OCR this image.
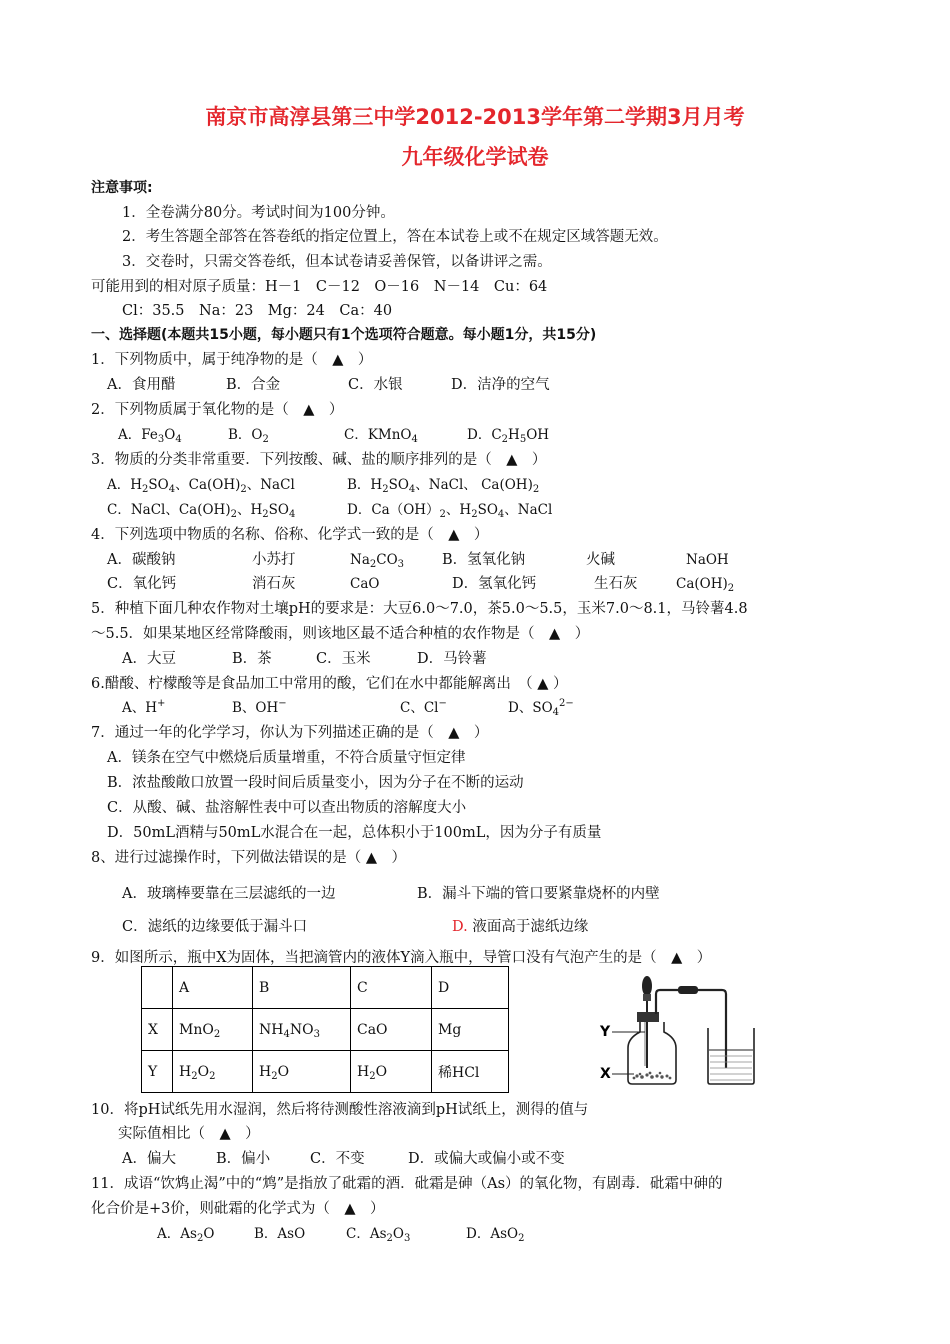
南京市高淳县第三中学2012-2013学年第二学期3月月考
九年级化学试卷
注意事项:
1．全卷满分80分。考试时间为100分钟。
2．考生答题全部答在答卷纸的指定位置上，答在本试卷上或不在规定区域答题无效。
3．交卷时，只需交答卷纸，但本试卷请妥善保管，以备讲评之需。
可能用到的相对原子质量：H－1　C－12　O－16　N－14　Cu：64
Cl：35.5　Na：23　Mg：24　Ca：40
一、选择题(本题共15小题，每小题只有1个选项符合题意。每小题1分，共15分)
1．下列物质中，属于纯净物的是（　▲　）
A．食用醋	B．合金	C．水银	D．洁净的空气
2．下列物质属于氧化物的是（　▲　）
A．$Fe_3O_4$	B．$O_2$	C．KMnO$_4$	D．$C_2H_5OH$
3．物质的分类非常重要．下列按酸、碱、盐的顺序排列的是（　▲　）
A．$H_2SO_4$、$Ca(OH)_2$、NaCl	B．$H_2SO_4$、NaCl、 $Ca(OH)_2$
C．NaCl、$Ca(OH)_2$、$H_2SO_4$	D．$Ca(OH)_2$、$H_2SO_4$、NaCl
4．下列选项中物质的名称、俗称、化学式一致的是（　▲　）
A．碳酸钠	小苏打	$Na_2CO_3$	B．氢氧化钠	火碱	NaOH
C．氧化钙	消石灰	CaO	D．氢氧化钙	生石灰	$Ca(OH)_2$
5．种植下面几种农作物对土壤pH的要求是：大豆6.0～7.0，茶5.0～5.5，玉米7.0～8.1，马铃薯4.8
～5.5．如果某地区经常降酸雨，则该地区最不适合种植的农作物是（　▲　）
A．大豆	B．茶	C．玉米	D．马铃薯
6.醋酸、柠檬酸等是食品加工中常用的酸，它们在水中都能解离出　（ ▲ ）
A、H+	B、OH−	C、Cl−	D、$SO_4^{2-}$
7．通过一年的化学学习，你认为下列描述正确的是（　▲　）
A．镁条在空气中燃烧后质量增重，不符合质量守恒定律
B．浓盐酸敞口放置一段时间后质量变小，因为分子在不断的运动
C．从酸、碱、盐溶解性表中可以查出物质的溶解度大小
D．50mL酒精与50mL水混合在一起，总体积小于100mL，因为分子有质量
8、进行过滤操作时，下列做法错误的是（ ▲　）
A．玻璃棒要靠在三层滤纸的一边	B．漏斗下端的管口要紧靠烧杯的内壁
C．滤纸的边缘要低于漏斗口	D. 液面高于滤纸边缘
9．如图所示，瓶中X为固体，当把滴管内的液体Y滴入瓶中，导管口没有气泡产生的是（　▲　）
	A	B	C	D
X	MnO$_2$	$NH_4NO_3$	CaO	Mg
Y	$H_2O_2$	$H_2O$	$H_2O$	稀HCl
Y
X
10．将pH试纸先用水湿润，然后将待测酸性溶液滴到pH试纸上，测得的值与
实际值相比（　▲　）
A．偏大	B．偏小	C．不变	D．或偏大或偏小或不变
11．成语“饮鸩止渴”中的“鸩”是指放了砒霜的酒．砒霜是砷（As）的氧化物，有剧毒．砒霜中砷的
化合价是+3价，则砒霜的化学式为（　▲　）
A．$As_2O$	B．AsO	C．$As_2O_3$	D．AsO$_2$
